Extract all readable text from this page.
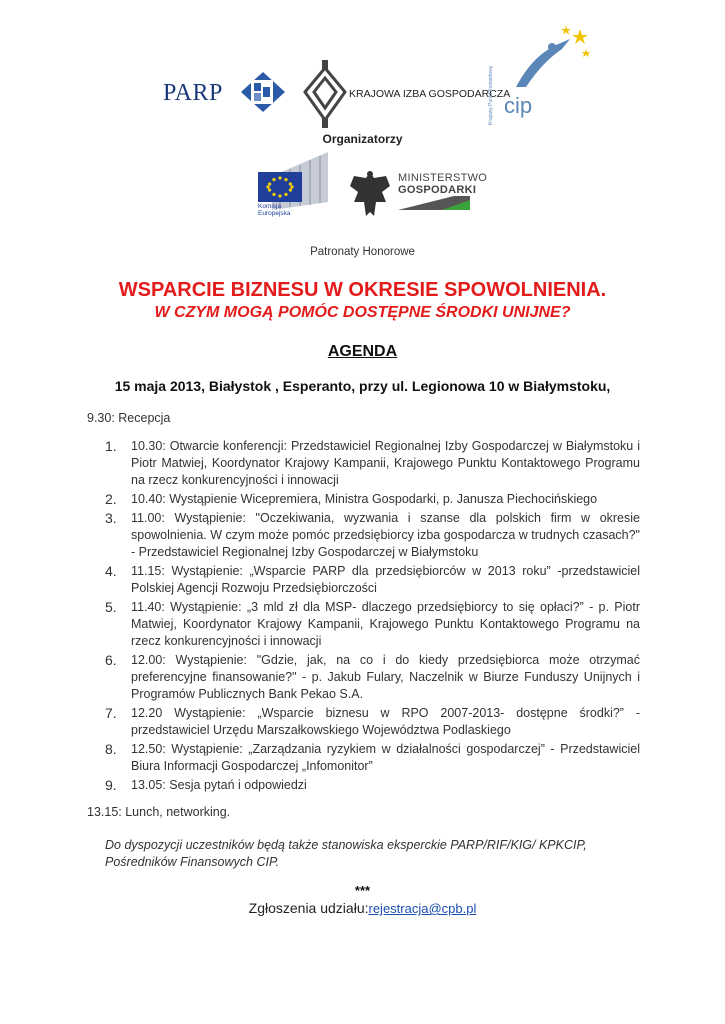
PARP	KRAJOWA IZBA GOSPODARCZA
Krajowy Punkt Kontaktowy cip
Organizatorzy
Komisja Europejska
MINISTERSTWO
GOSPODARKI
Patronaty Honorowe
WSPARCIE BIZNESU W OKRESIE SPOWOLNIENIA.
W CZYM MOGĄ POMÓC DOSTĘPNE ŚRODKI UNIJNE?
AGENDA
15 maja 2013, Białystok , Esperanto, przy ul. Legionowa 10 w Białymstoku,
9.30: Recepcja
1. 10.30: Otwarcie konferencji: Przedstawiciel Regionalnej Izby Gospodarczej w Białymstoku i Piotr Matwiej, Koordynator Krajowy Kampanii, Krajowego Punktu Kontaktowego Programu na rzecz konkurencyjności i innowacji
2. 10.40: Wystąpienie Wicepremiera, Ministra Gospodarki, p. Janusza Piechocińskiego
3. 11.00: Wystąpienie: "Oczekiwania, wyzwania i szanse dla polskich firm w okresie spowolnienia. W czym może pomóc przedsiębiorcy izba gospodarcza w trudnych czasach?" - Przedstawiciel Regionalnej Izby Gospodarczej w Białymstoku
4. 11.15: Wystąpienie: „Wsparcie PARP dla przedsiębiorców w 2013 roku” -przedstawiciel Polskiej Agencji Rozwoju Przedsiębiorczości
5. 11.40: Wystąpienie: „3 mld zł dla MSP- dlaczego przedsiębiorcy to się opłaci?” - p. Piotr Matwiej, Koordynator Krajowy Kampanii, Krajowego Punktu Kontaktowego Programu na rzecz konkurencyjności i innowacji
6. 12.00: Wystąpienie: "Gdzie, jak, na co i do kiedy przedsiębiorca może otrzymać preferencyjne finansowanie?" - p. Jakub Fulary, Naczelnik w Biurze Funduszy Unijnych i Programów Publicznych Bank Pekao S.A.
7. 12.20 Wystąpienie: „Wsparcie biznesu w RPO 2007-2013- dostępne środki?” - przedstawiciel Urzędu Marszałkowskiego Województwa Podlaskiego
8. 12.50: Wystąpienie: „Zarządzania ryzykiem w działalności gospodarczej” - Przedstawiciel Biura Informacji Gospodarczej „Infomonitor”
9. 13.05: Sesja pytań i odpowiedzi
13.15: Lunch, networking.
Do dyspozycji uczestników będą także stanowiska eksperckie PARP/RIF/KIG/ KPKCIP, Pośredników Finansowych CIP.
***
Zgłoszenia udziału:rejestracja@cpb.pl
